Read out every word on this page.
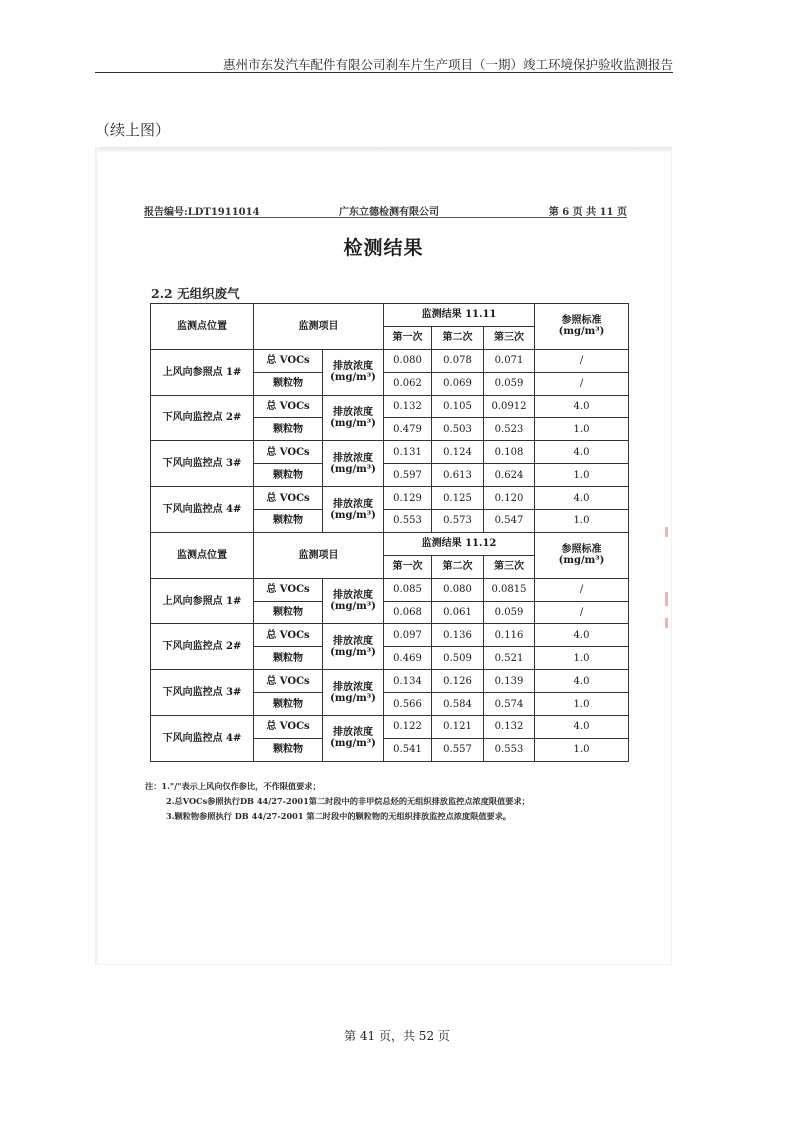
惠州市东发汽车配件有限公司刹车片生产项目（一期）竣工环境保护验收监测报告
（续上图）
报告编号:LDT1911014	广东立德检测有限公司	第 6 页 共 11 页
检测结果
2.2 无组织废气
监测点位置	监测项目		监测结果 11.11			参照标准
(mg/m³)
			第一次	第二次	第三次	
上风向参照点 1#	总 VOCs	排放浓度
(mg/m³)	0.080	0.078	0.071	/
	颗粒物		0.062	0.069	0.059	/
下风向监控点 2#	总 VOCs	排放浓度
(mg/m³)	0.132	0.105	0.0912	4.0
	颗粒物		0.479	0.503	0.523	1.0
下风向监控点 3#	总 VOCs	排放浓度
(mg/m³)	0.131	0.124	0.108	4.0
	颗粒物		0.597	0.613	0.624	1.0
下风向监控点 4#	总 VOCs	排放浓度
(mg/m³)	0.129	0.125	0.120	4.0
	颗粒物		0.553	0.573	0.547	1.0
监测点位置	监测项目		监测结果 11.12			参照标准
(mg/m³)
			第一次	第二次	第三次	
上风向参照点 1#	总 VOCs	排放浓度
(mg/m³)	0.085	0.080	0.0815	/
	颗粒物		0.068	0.061	0.059	/
下风向监控点 2#	总 VOCs	排放浓度
(mg/m³)	0.097	0.136	0.116	4.0
	颗粒物		0.469	0.509	0.521	1.0
下风向监控点 3#	总 VOCs	排放浓度
(mg/m³)	0.134	0.126	0.139	4.0
	颗粒物		0.566	0.584	0.574	1.0
下风向监控点 4#	总 VOCs	排放浓度
(mg/m³)	0.122	0.121	0.132	4.0
	颗粒物		0.541	0.557	0.553	1.0
注：1."/"表示上风向仅作参比，不作限值要求；
2.总VOCs参照执行DB 44/27-2001第二时段中的非甲烷总烃的无组织排放监控点浓度限值要求；
3.颗粒物参照执行 DB 44/27-2001 第二时段中的颗粒物的无组织排放监控点浓度限值要求。
第 41 页，共 52 页
